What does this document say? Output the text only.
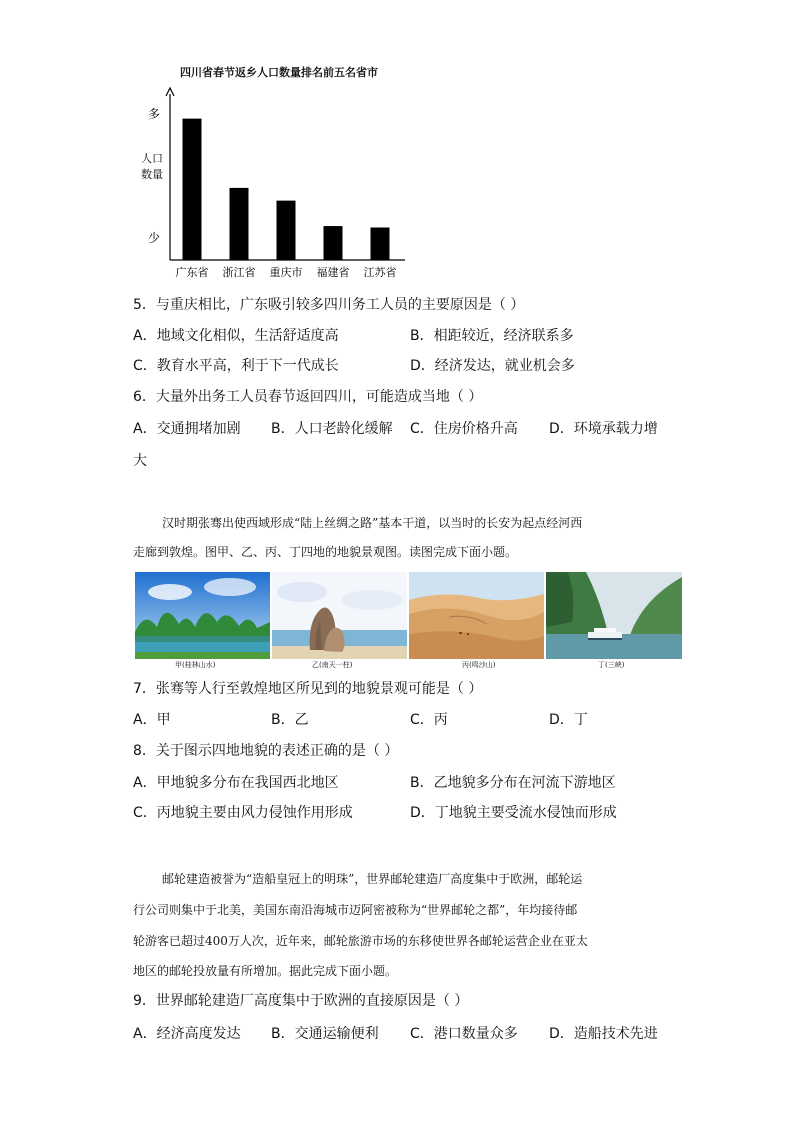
四川省春节返乡人口数量排名前五名省市
多
少
人口
数量
广东省 浙江省 重庆市 福建省 江苏省
5．与重庆相比，广东吸引较多四川务工人员的主要原因是（ ）
A．地域文化相似，生活舒适度高	B．相距较近，经济联系多
C．教育水平高，利于下一代成长	D．经济发达，就业机会多
6．大量外出务工人员春节返回四川，可能造成当地（ ）
A．交通拥堵加剧 B．人口老龄化缓解 C．住房价格升高 D．环境承载力增
大
汉时期张骞出使西域形成“陆上丝绸之路”基本干道，以当时的长安为起点经河西
走廊到敦煌。图甲、乙、丙、丁四地的地貌景观图。读图完成下面小题。
甲(桂林山水)	乙(南天一柱)	丙(鸣沙山)	丁(三峡)
7．张骞等人行至敦煌地区所见到的地貌景观可能是（ ）
A．甲	B．乙	C．丙	D．丁
8．关于图示四地地貌的表述正确的是（ ）
A．甲地貌多分布在我国西北地区	B．乙地貌多分布在河流下游地区
C．丙地貌主要由风力侵蚀作用形成	D．丁地貌主要受流水侵蚀而形成
邮轮建造被誉为“造船皇冠上的明珠”，世界邮轮建造厂高度集中于欧洲，邮轮运
行公司则集中于北美，美国东南沿海城市迈阿密被称为“世界邮轮之都”，年均接待邮
轮游客已超过400万人次，近年来，邮轮旅游市场的东移使世界各邮轮运营企业在亚太
地区的邮轮投放量有所增加。据此完成下面小题。
9．世界邮轮建造厂高度集中于欧洲的直接原因是（ ）
A．经济高度发达 B．交通运输便利 C．港口数量众多 D．造船技术先进
